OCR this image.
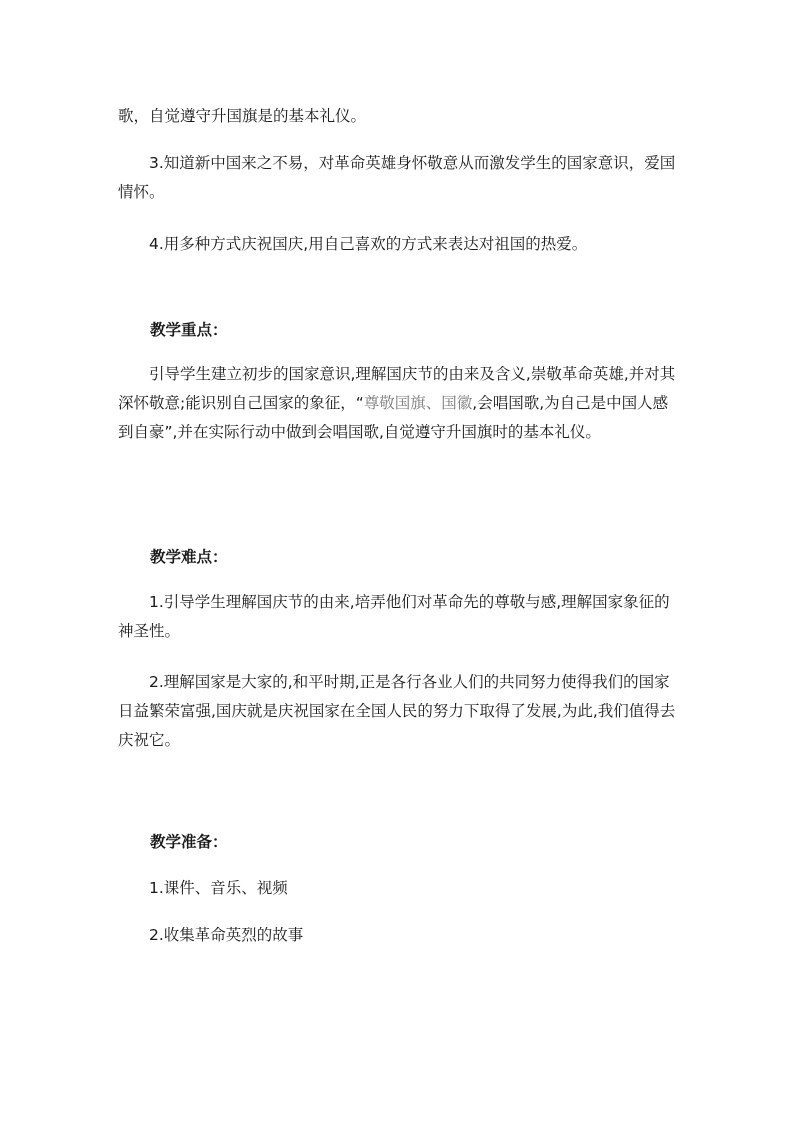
歌，自觉遵守升国旗是的基本礼仪。

3.知道新中国来之不易，对革命英雄身怀敬意从而激发学生的国家意识，爱国情怀。

4.用多种方式庆祝国庆,用自己喜欢的方式来表达对祖国的热爱。

教学重点：

引导学生建立初步的国家意识,理解国庆节的由来及含义,崇敬革命英雄,并对其深怀敬意;能识别自己国家的象征，“尊敬国旗、国徽,会唱国歌,为自己是中国人感到自豪”,并在实际行动中做到会唱国歌,自觉遵守升国旗时的基本礼仪。

教学难点：

1.引导学生理解国庆节的由来,培弄他们对革命先的尊敬与感,理解国家象征的神圣性。

2.理解国家是大家的,和平时期,正是各行各业人们的共同努力使得我们的国家日益繁荣富强,国庆就是庆祝国家在全国人民的努力下取得了发展,为此,我们值得去庆祝它。

教学准备：

1.课件、音乐、视频

2.收集革命英烈的故事
